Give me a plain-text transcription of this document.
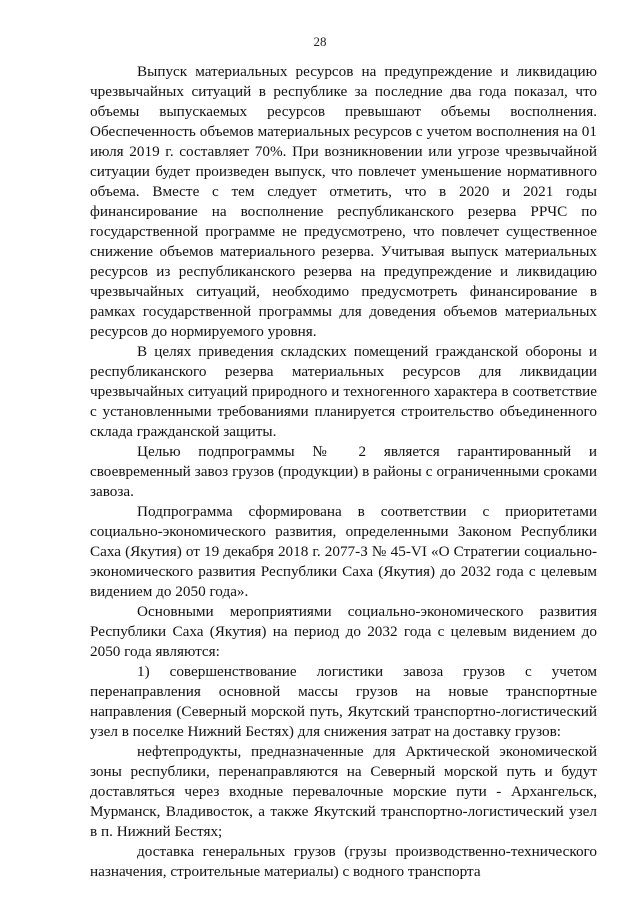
28

Выпуск материальных ресурсов на предупреждение и ликвидацию чрезвычайных ситуаций в республике за последние два года показал, что объемы выпускаемых ресурсов превышают объемы восполнения. Обеспеченность объемов материальных ресурсов с учетом восполнения на 01 июля 2019 г. составляет 70%. При возникновении или угрозе чрезвычайной ситуации будет произведен выпуск, что повлечет уменьшение нормативного объема. Вместе с тем следует отметить, что в 2020 и 2021 годы финансирование на восполнение республиканского резерва РРЧС по государственной программе не предусмотрено, что повлечет существенное снижение объемов материального резерва. Учитывая выпуск материальных ресурсов из республиканского резерва на предупреждение и ликвидацию чрезвычайных ситуаций, необходимо предусмотреть финансирование в рамках государственной программы для доведения объемов материальных ресурсов до нормируемого уровня.

В целях приведения складских помещений гражданской обороны и республиканского резерва материальных ресурсов для ликвидации чрезвычайных ситуаций природного и техногенного характера в соответствие с установленными требованиями планируется строительство объединенного склада гражданской защиты.

Целью подпрограммы № 2 является гарантированный и своевременный завоз грузов (продукции) в районы с ограниченными сроками завоза.

Подпрограмма сформирована в соответствии с приоритетами социально-экономического развития, определенными Законом Республики Саха (Якутия) от 19 декабря 2018 г. 2077-З № 45-VI «О Стратегии социально-экономического развития Республики Саха (Якутия) до 2032 года с целевым видением до 2050 года».

Основными мероприятиями социально-экономического развития Республики Саха (Якутия) на период до 2032 года с целевым видением до 2050 года являются:

1) совершенствование логистики завоза грузов с учетом перенаправления основной массы грузов на новые транспортные направления (Северный морской путь, Якутский транспортно-логистический узел в поселке Нижний Бестях) для снижения затрат на доставку грузов:

нефтепродукты, предназначенные для Арктической экономической зоны республики, перенаправляются на Северный морской путь и будут доставляться через входные перевалочные морские пути - Архангельск, Мурманск, Владивосток, а также Якутский транспортно-логистический узел в п. Нижний Бестях;

доставка генеральных грузов (грузы производственно-технического назначения, строительные материалы) с водного транспорта
